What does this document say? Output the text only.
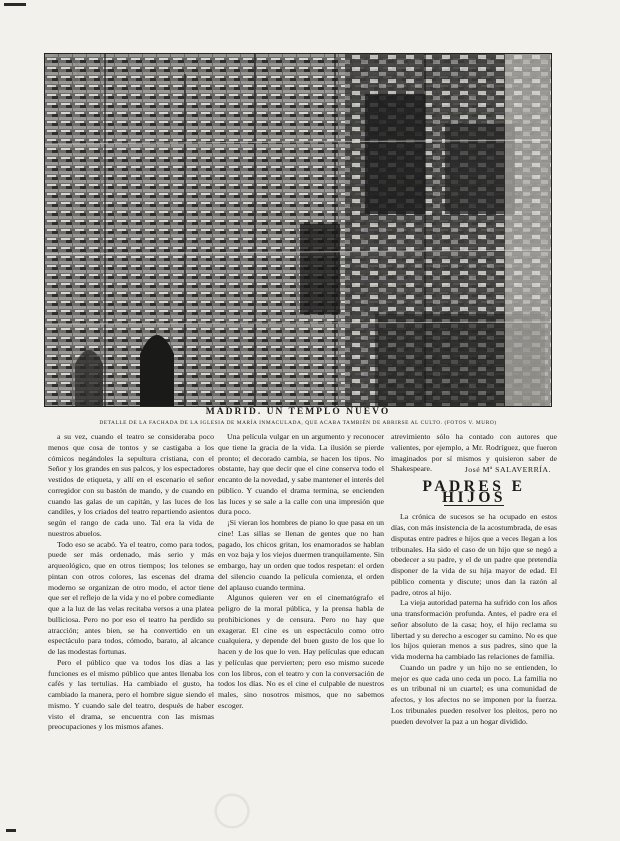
MADRID. UN TEMPLO NUEVO
DETALLE DE LA FACHADA DE LA IGLESIA DE MARÍA INMACULADA, QUE ACABA TAMBIÉN DE ABRIRSE AL CULTO. (FOTOS V. MURO)

a su vez, cuando el teatro se consideraba poco menos que cosa de tontos y se castigaba a los cómicos negándoles la sepultura cristiana, con el Señor y los grandes en sus palcos, y los espectadores vestidos de etiqueta, y allí en el escenario el señor corregidor con su bastón de mando, y de cuando en cuando las galas de un capitán, y las luces de los candiles, y los criados del teatro repartiendo asientos según el rango de cada uno. Tal era la vida de nuestros abuelos.

Todo eso se acabó. Ya el teatro, como para todos, puede ser más ordenado, más serio y más arqueológico, que en otros tiempos; los telones se pintan con otros colores, las escenas del drama moderno se organizan de otro modo, el actor tiene que ser el reflejo de la vida y no el pobre comediante que a la luz de las velas recitaba versos a una platea bulliciosa. Pero no por eso el teatro ha perdido su atracción; antes bien, se ha convertido en un espectáculo para todos, cómodo, barato, al alcance de las modestas fortunas.

Pero el público que va todos los días a las funciones es el mismo público que antes llenaba los cafés y las tertulias. Ha cambiado el gusto, ha cambiado la manera, pero el hombre sigue siendo el mismo. Y cuando sale del teatro, después de haber visto el drama, se encuentra con las mismas preocupaciones y los mismos afanes.

Una película vulgar en un argumento y reconocer que tiene la gracia de la vida. La ilusión se pierde pronto; el decorado cambia, se hacen los tipos. No obstante, hay que decir que el cine conserva todo el encanto de la novedad, y sabe mantener el interés del público. Y cuando el drama termina, se encienden las luces y se sale a la calle con una impresión que dura poco.

¡Si vieran los hombres de piano lo que pasa en un cine! Las sillas se llenan de gentes que no han pagado, los chicos gritan, los enamorados se hablan en voz baja y los viejos duermen tranquilamente. Sin embargo, hay un orden que todos respetan: el orden del silencio cuando la película comienza, el orden del aplauso cuando termina.

Algunos quieren ver en el cinematógrafo el peligro de la moral pública, y la prensa habla de prohibiciones y de censura. Pero no hay que exagerar. El cine es un espectáculo como otro cualquiera, y depende del buen gusto de los que lo hacen y de los que lo ven. Hay películas que educan y películas que pervierten; pero eso mismo sucede con los libros, con el teatro y con la conversación de todos los días. No es el cine el culpable de nuestros males, sino nosotros mismos, que no sabemos escoger.

atrevimiento sólo ha contado con autores que valientes, por ejemplo, a Mr. Rodríguez, que fueron imaginados por sí mismos y quisieron saber de Shakespeare.	José Mª SALAVERRÍA.
PADRES E HIJOS

La crónica de sucesos se ha ocupado en estos días, con más insistencia de la acostumbrada, de esas disputas entre padres e hijos que a veces llegan a los tribunales. Ha sido el caso de un hijo que se negó a obedecer a su padre, y el de un padre que pretendía disponer de la vida de su hija mayor de edad. El público comenta y discute; unos dan la razón al padre, otros al hijo.

La vieja autoridad paterna ha sufrido con los años una transformación profunda. Antes, el padre era el señor absoluto de la casa; hoy, el hijo reclama su libertad y su derecho a escoger su camino. No es que los hijos quieran menos a sus padres, sino que la vida moderna ha cambiado las relaciones de familia.

Cuando un padre y un hijo no se entienden, lo mejor es que cada uno ceda un poco. La familia no es un tribunal ni un cuartel; es una comunidad de afectos, y los afectos no se imponen por la fuerza. Los tribunales pueden resolver los pleitos, pero no pueden devolver la paz a un hogar dividido.

○
